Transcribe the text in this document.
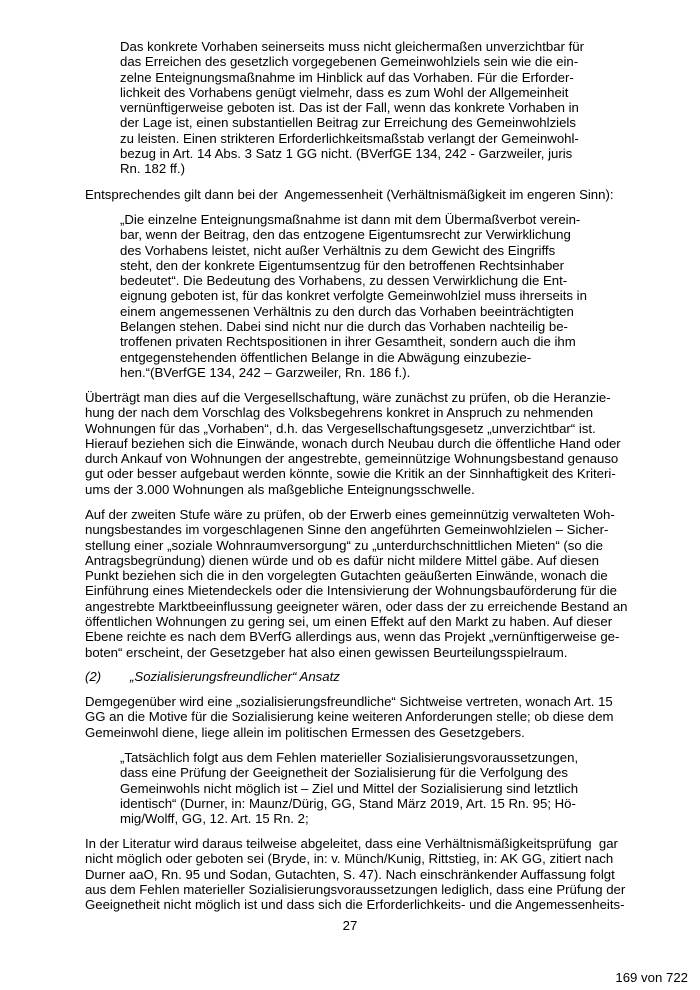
Das konkrete Vorhaben seinerseits muss nicht gleichermaßen unverzichtbar für
das Erreichen des gesetzlich vorgegebenen Gemeinwohlziels sein wie die ein-
zelne Enteignungsmaßnahme im Hinblick auf das Vorhaben. Für die Erforder-
lichkeit des Vorhabens genügt vielmehr, dass es zum Wohl der Allgemeinheit
vernünftigerweise geboten ist. Das ist der Fall, wenn das konkrete Vorhaben in
der Lage ist, einen substantiellen Beitrag zur Erreichung des Gemeinwohlziels
zu leisten. Einen strikteren Erforderlichkeitsmaßstab verlangt der Gemeinwohl-
bezug in Art. 14 Abs. 3 Satz 1 GG nicht. (BVerfGE 134, 242 - Garzweiler, juris
Rn. 182 ff.)
Entsprechendes gilt dann bei der  Angemessenheit (Verhältnismäßigkeit im engeren Sinn):
„Die einzelne Enteignungsmaßnahme ist dann mit dem Übermaßverbot verein-
bar, wenn der Beitrag, den das entzogene Eigentumsrecht zur Verwirklichung
des Vorhabens leistet, nicht außer Verhältnis zu dem Gewicht des Eingriffs
steht, den der konkrete Eigentumsentzug für den betroffenen Rechtsinhaber
bedeutet“. Die Bedeutung des Vorhabens, zu dessen Verwirklichung die Ent-
eignung geboten ist, für das konkret verfolgte Gemeinwohlziel muss ihrerseits in
einem angemessenen Verhältnis zu den durch das Vorhaben beeinträchtigten
Belangen stehen. Dabei sind nicht nur die durch das Vorhaben nachteilig be-
troffenen privaten Rechtspositionen in ihrer Gesamtheit, sondern auch die ihm
entgegenstehenden öffentlichen Belange in die Abwägung einzubezie-
hen.“(BVerfGE 134, 242 – Garzweiler, Rn. 186 f.).
Überträgt man dies auf die Vergesellschaftung, wäre zunächst zu prüfen, ob die Heranzie-
hung der nach dem Vorschlag des Volksbegehrens konkret in Anspruch zu nehmenden
Wohnungen für das „Vorhaben“, d.h. das Vergesellschaftungsgesetz „unverzichtbar“ ist.
Hierauf beziehen sich die Einwände, wonach durch Neubau durch die öffentliche Hand oder
durch Ankauf von Wohnungen der angestrebte, gemeinnützige Wohnungsbestand genauso
gut oder besser aufgebaut werden könnte, sowie die Kritik an der Sinnhaftigkeit des Kriteri-
ums der 3.000 Wohnungen als maßgebliche Enteignungsschwelle.
Auf der zweiten Stufe wäre zu prüfen, ob der Erwerb eines gemeinnützig verwalteten Woh-
nungsbestandes im vorgeschlagenen Sinne den angeführten Gemeinwohlzielen – Sicher-
stellung einer „soziale Wohnraumversorgung“ zu „unterdurchschnittlichen Mieten“ (so die
Antragsbegründung) dienen würde und ob es dafür nicht mildere Mittel gäbe. Auf diesen
Punkt beziehen sich die in den vorgelegten Gutachten geäußerten Einwände, wonach die
Einführung eines Mietendeckels oder die Intensivierung der Wohnungsbauförderung für die
angestrebte Marktbeeinflussung geeigneter wären, oder dass der zu erreichende Bestand an
öffentlichen Wohnungen zu gering sei, um einen Effekt auf den Markt zu haben. Auf dieser
Ebene reichte es nach dem BVerfG allerdings aus, wenn das Projekt „vernünftigerweise ge-
boten“ erscheint, der Gesetzgeber hat also einen gewissen Beurteilungsspielraum.
(2) „Sozialisierungsfreundlicher“ Ansatz
Demgegenüber wird eine „sozialisierungsfreundliche“ Sichtweise vertreten, wonach Art. 15
GG an die Motive für die Sozialisierung keine weiteren Anforderungen stelle; ob diese dem
Gemeinwohl diene, liege allein im politischen Ermessen des Gesetzgebers.
„Tatsächlich folgt aus dem Fehlen materieller Sozialisierungsvoraussetzungen,
dass eine Prüfung der Geeignetheit der Sozialisierung für die Verfolgung des
Gemeinwohls nicht möglich ist – Ziel und Mittel der Sozialisierung sind letztlich
identisch“ (Durner, in: Maunz/Dürig, GG, Stand März 2019, Art. 15 Rn. 95; Hö-
mig/Wolff, GG, 12. Art. 15 Rn. 2;
In der Literatur wird daraus teilweise abgeleitet, dass eine Verhältnismäßigkeitsprüfung  gar
nicht möglich oder geboten sei (Bryde, in: v. Münch/Kunig, Rittstieg, in: AK GG, zitiert nach
Durner aaO, Rn. 95 und Sodan, Gutachten, S. 47). Nach einschränkender Auffassung folgt
aus dem Fehlen materieller Sozialisierungsvoraussetzungen lediglich, dass eine Prüfung der
Geeignetheit nicht möglich ist und dass sich die Erforderlichkeits- und die Angemessenheits-
27
169 von 722
